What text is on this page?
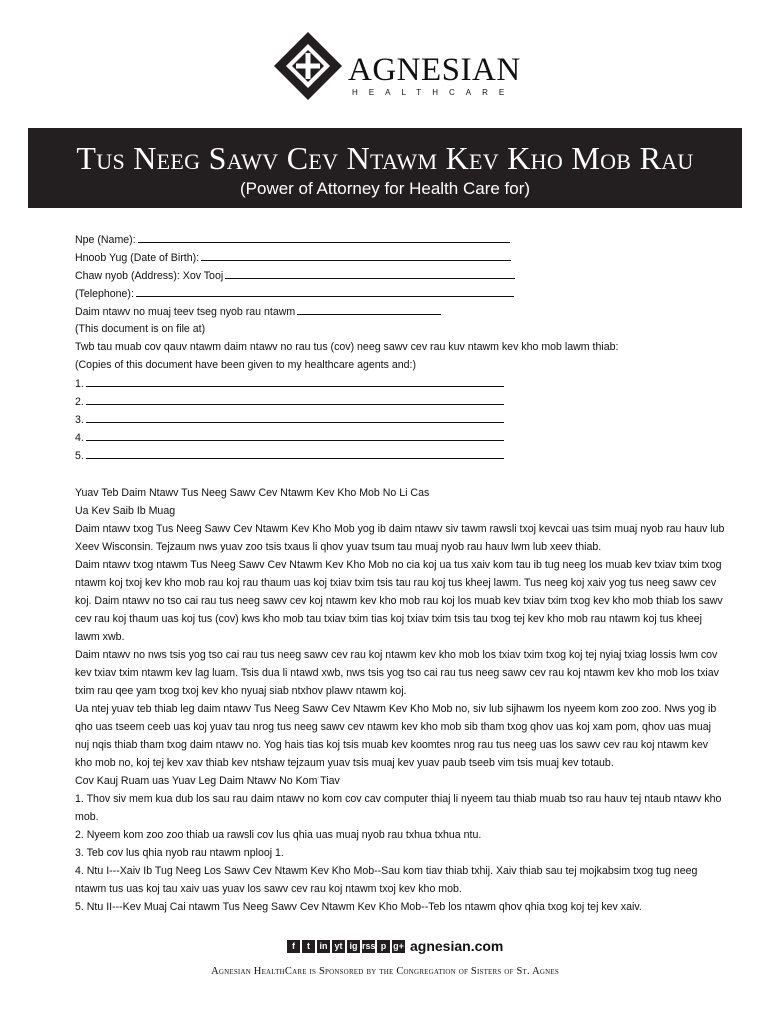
AGNESIAN
HEALTHCARE
Tus Neeg Sawv Cev Ntawm Kev Kho Mob Rau
(Power of Attorney for Health Care for)
Npe (Name):
Hnoob Yug (Date of Birth):
Chaw nyob (Address): Xov Tooj
(Telephone):
Daim ntawv no muaj teev tseg nyob rau ntawm
(This document is on file at)
Twb tau muab cov qauv ntawm daim ntawv no rau tus (cov) neeg sawv cev rau kuv ntawm kev kho mob lawm thiab:
(Copies of this document have been given to my healthcare agents and:)
1.
2.
3.
4.
5.

Yuav Teb Daim Ntawv Tus Neeg Sawv Cev Ntawm Kev Kho Mob No Li Cas

Ua Kev Saib Ib Muag

Daim ntawv txog Tus Neeg Sawv Cev Ntawm Kev Kho Mob yog ib daim ntawv siv tawm rawsli txoj kevcai uas tsim muaj nyob rau hauv lub Xeev Wisconsin. Tejzaum nws yuav zoo tsis txaus li qhov yuav tsum tau muaj nyob rau hauv lwm lub xeev thiab.

Daim ntawv txog ntawm Tus Neeg Sawv Cev Ntawm Kev Kho Mob no cia koj ua tus xaiv kom tau ib tug neeg los muab kev txiav txim txog ntawm koj txoj kev kho mob rau koj rau thaum uas koj txiav txim tsis tau rau koj tus kheej lawm. Tus neeg koj xaiv yog tus neeg sawv cev koj. Daim ntawv no tso cai rau tus neeg sawv cev koj ntawm kev kho mob rau koj los muab kev txiav txim txog kev kho mob thiab los sawv cev rau koj thaum uas koj tus (cov) kws kho mob tau txiav txim tias koj txiav txim tsis tau txog tej kev kho mob rau ntawm koj tus kheej lawm xwb.

Daim ntawv no nws tsis yog tso cai rau tus neeg sawv cev rau koj ntawm kev kho mob los txiav txim txog koj tej nyiaj txiag lossis lwm cov kev txiav txim ntawm kev lag luam. Tsis dua li ntawd xwb, nws tsis yog tso cai rau tus neeg sawv cev rau koj ntawm kev kho mob los txiav txim rau qee yam txog txoj kev kho nyuaj siab ntxhov plawv ntawm koj.

Ua ntej yuav teb thiab leg daim ntawv Tus Neeg Sawv Cev Ntawm Kev Kho Mob no, siv lub sijhawm los nyeem kom zoo zoo. Nws yog ib qho uas tseem ceeb uas koj yuav tau nrog tus neeg sawv cev ntawm kev kho mob sib tham txog qhov uas koj xam pom, qhov uas muaj nuj nqis thiab tham txog daim ntawv no. Yog hais tias koj tsis muab kev koomtes nrog rau tus neeg uas los sawv cev rau koj ntawm kev kho mob no, koj tej kev xav thiab kev ntshaw tejzaum yuav tsis muaj kev yuav paub tseeb vim tsis muaj kev totaub.

Cov Kauj Ruam uas Yuav Leg Daim Ntawv No Kom Tiav

1. Thov siv mem kua dub los sau rau daim ntawv no kom cov cav computer thiaj li nyeem tau thiab muab tso rau hauv tej ntaub ntawv kho mob.

2. Nyeem kom zoo zoo thiab ua rawsli cov lus qhia uas muaj nyob rau txhua txhua ntu.

3. Teb cov lus qhia nyob rau ntawm nplooj 1.

4. Ntu I---Xaiv Ib Tug Neeg Los Sawv Cev Ntawm Kev Kho Mob--Sau kom tiav thiab txhij. Xaiv thiab sau tej mojkabsim txog tug neeg ntawm tus uas koj tau xaiv uas yuav los sawv cev rau koj ntawm txoj kev kho mob.

5. Ntu II---Kev Muaj Cai ntawm Tus Neeg Sawv Cev Ntawm Kev Kho Mob--Teb los ntawm qhov qhia txog koj tej kev xaiv.

f	t	in yt ig rss p g+ agnesian.com
Agnesian HealthCare is Sponsored by the Congregation of Sisters of St. Agnes
